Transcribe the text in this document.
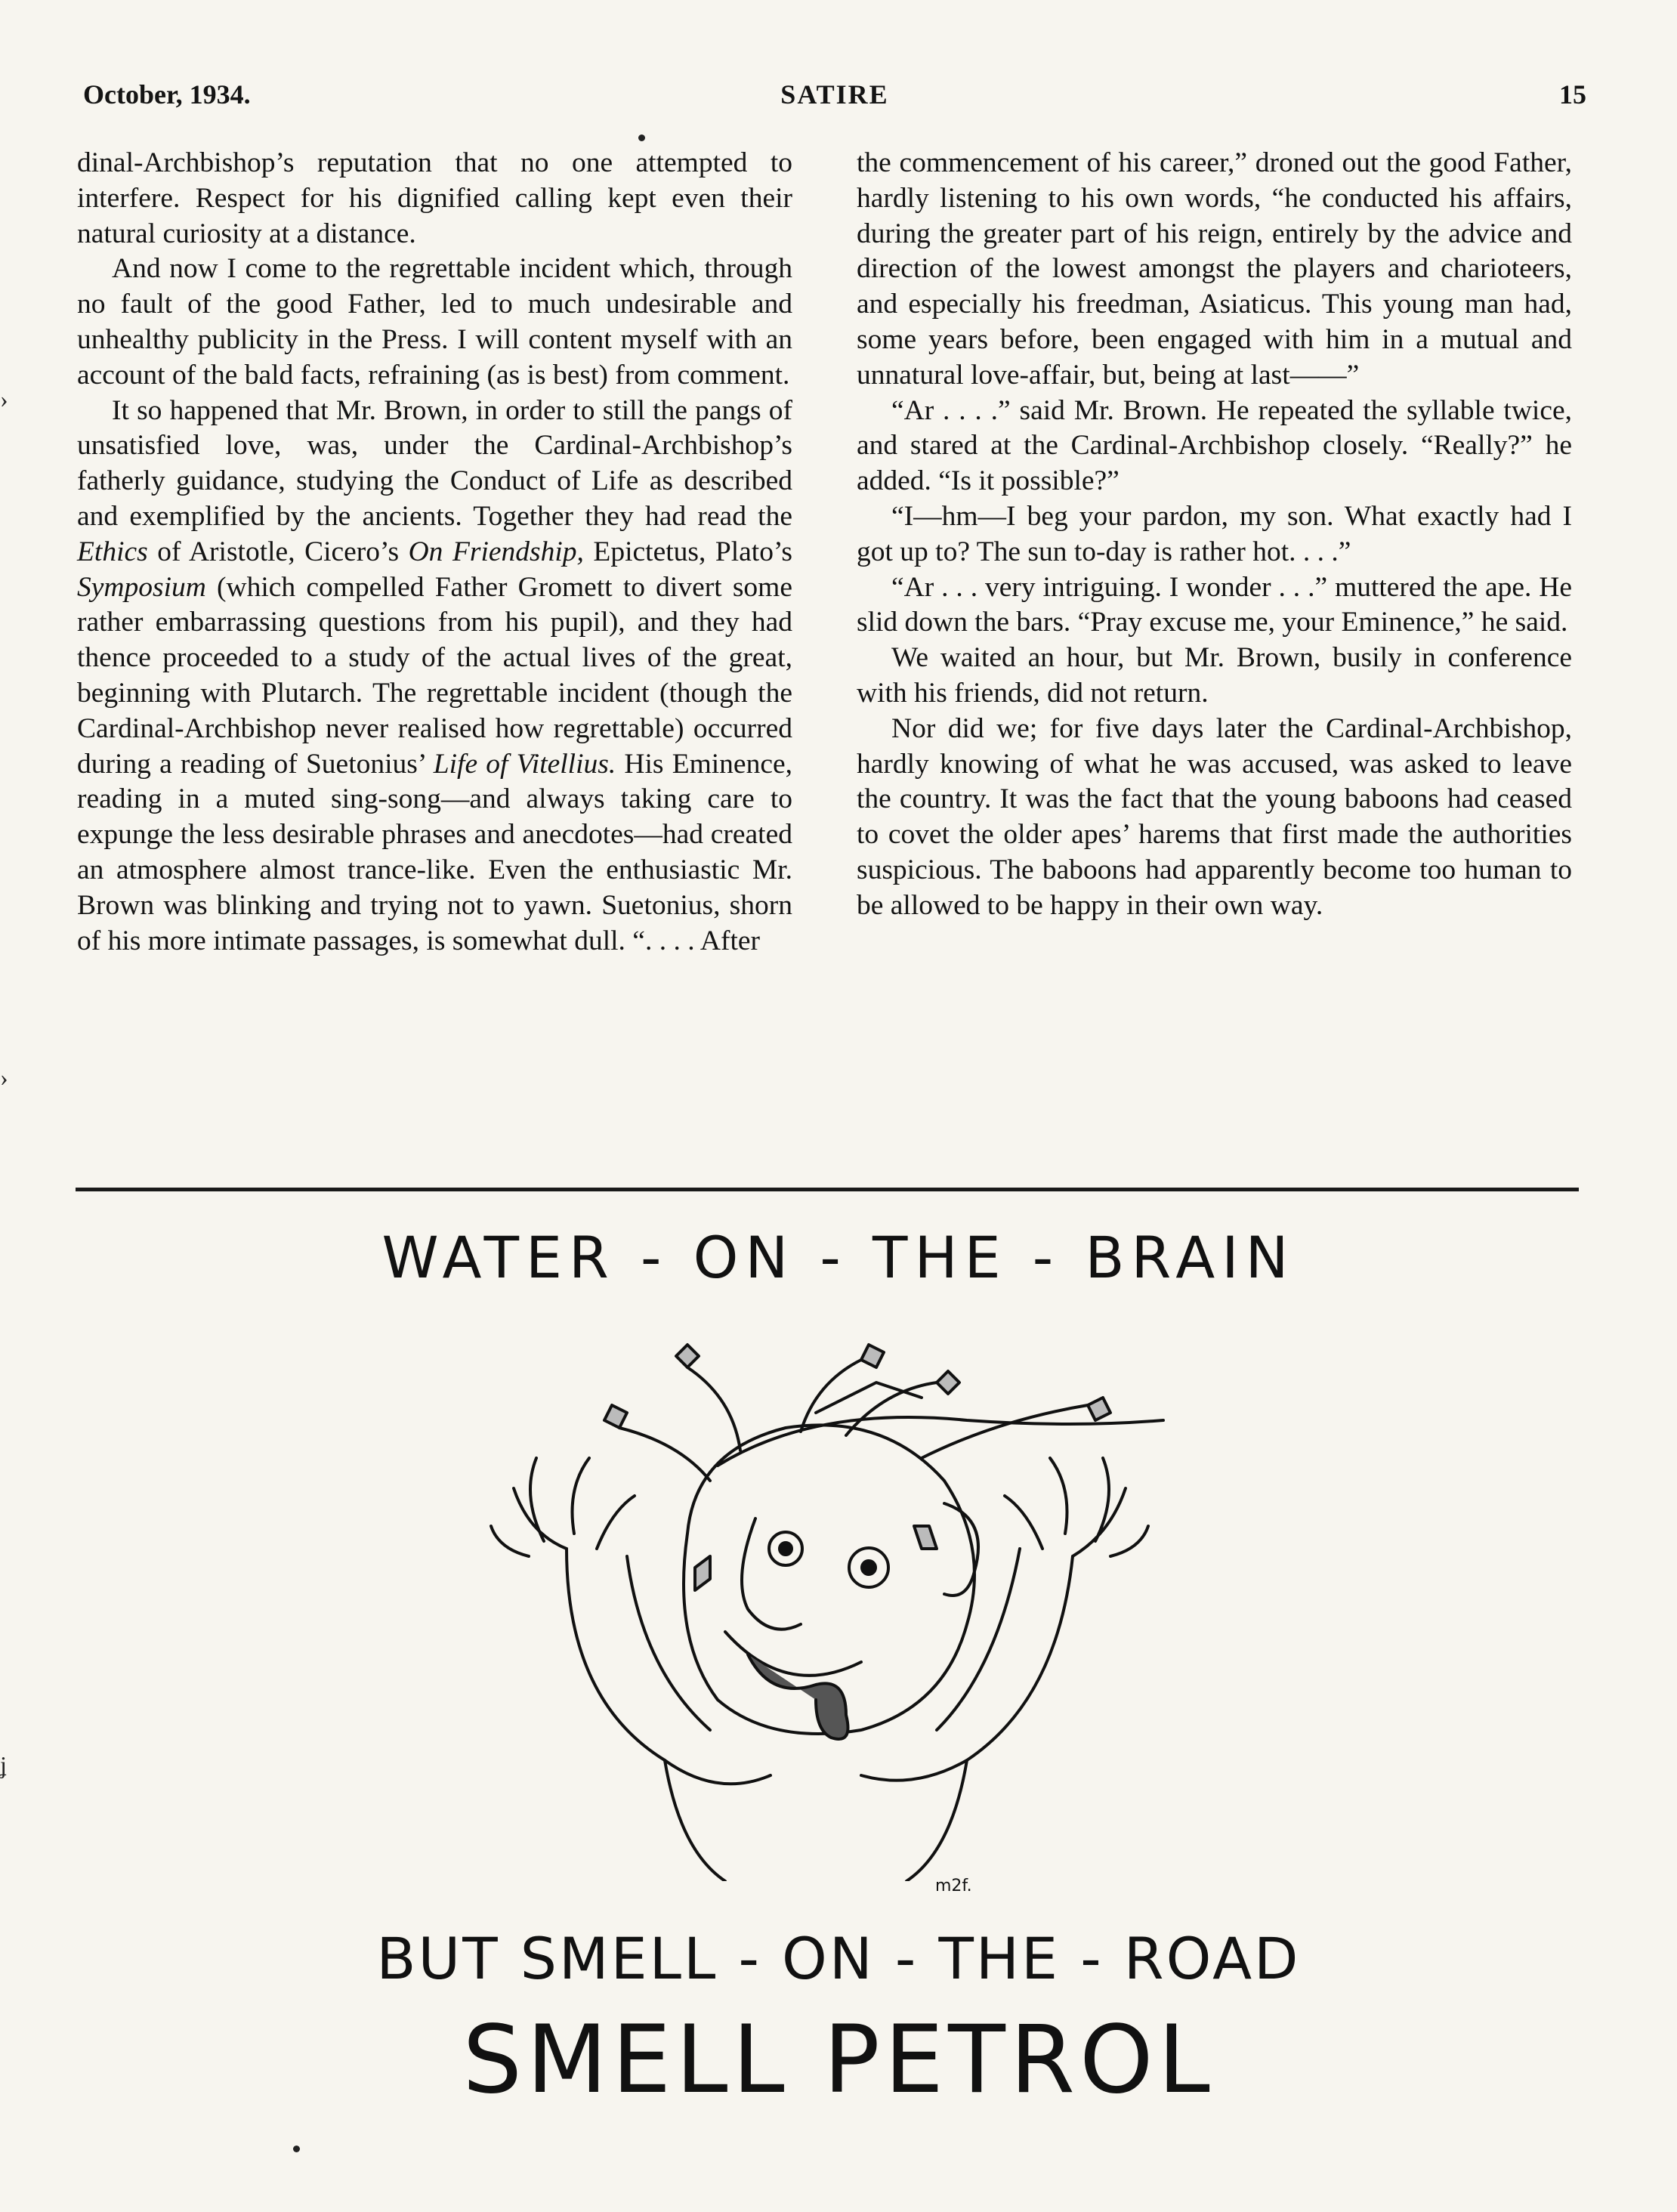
October, 1934.	SATIRE	15

dinal-Archbishop’s reputation that no one attempted to interfere. Respect for his dignified calling kept even their natural curiosity at a distance.

And now I come to the regrettable incident which, through no fault of the good Father, led to much undesirable and unhealthy publicity in the Press. I will content myself with an account of the bald facts, refraining (as is best) from comment.

It so happened that Mr. Brown, in order to still the pangs of unsatisfied love, was, under the Cardinal-Archbishop’s fatherly guidance, studying the Conduct of Life as described and exemplified by the ancients. Together they had read the Ethics of Aristotle, Cicero’s On Friendship, Epictetus, Plato’s Symposium (which compelled Father Gromett to divert some rather embarrassing questions from his pupil), and they had thence proceeded to a study of the actual lives of the great, beginning with Plutarch. The regrettable incident (though the Cardinal-Archbishop never realised how regrettable) occurred during a reading of Suetonius’ Life of Vitellius. His Eminence, reading in a muted sing-song—and always taking care to expunge the less desirable phrases and anecdotes—had created an atmosphere almost trance-like. Even the enthusiastic Mr. Brown was blinking and trying not to yawn. Suetonius, shorn of his more intimate passages, is somewhat dull. “. . . . After

the commencement of his career,” droned out the good Father, hardly listening to his own words, “he conducted his affairs, during the greater part of his reign, entirely by the advice and direction of the lowest amongst the players and charioteers, and especially his freedman, Asiaticus. This young man had, some years before, been engaged with him in a mutual and unnatural love-affair, but, being at last——”

“Ar . . . .” said Mr. Brown. He repeated the syllable twice, and stared at the Cardinal-Archbishop closely. “Really?” he added. “Is it possible?”

“I—hm—I beg your pardon, my son. What exactly had I got up to? The sun to-day is rather hot. . . .”

“Ar . . . very intriguing. I wonder . . .” muttered the ape. He slid down the bars. “Pray excuse me, your Eminence,” he said.

We waited an hour, but Mr. Brown, busily in conference with his friends, did not return.

Nor did we; for five days later the Cardinal-Archbishop, hardly knowing of what he was accused, was asked to leave the country. It was the fact that the young baboons had ceased to covet the older apes’ harems that first made the authorities suspicious. The baboons had apparently become too human to be allowed to be happy in their own way.

WATER - ON - THE - BRAIN
m2f.
BUT SMELL - ON - THE - ROAD
SMELL PETROL
›
›
ʝ
